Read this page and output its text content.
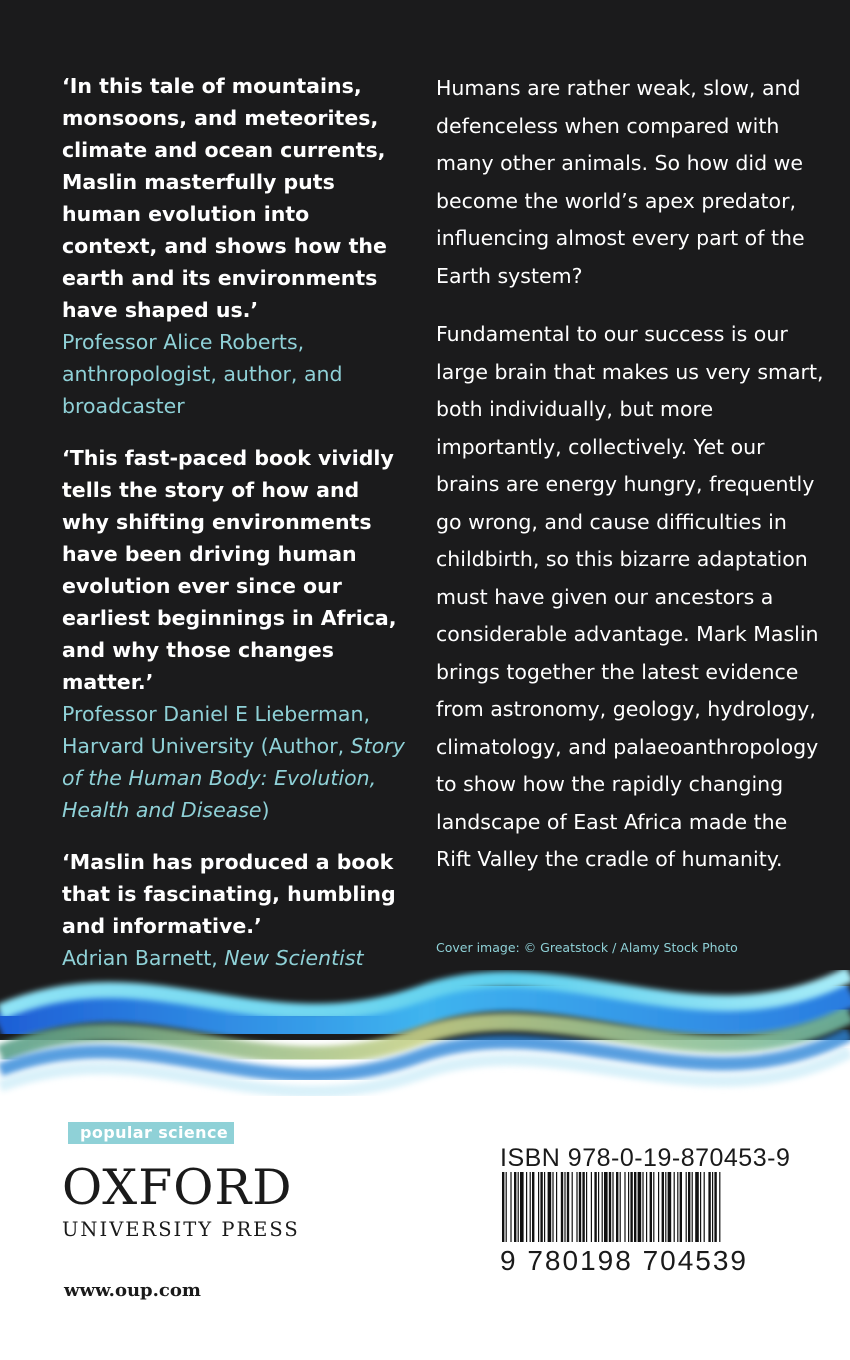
‘In this tale of mountains, monsoons, and meteorites, climate and ocean currents, Maslin masterfully puts human evolution into context, and shows how the earth and its environments have shaped us.’

Professor Alice Roberts, anthropologist, author, and broadcaster

‘This fast-paced book vividly tells the story of how and why shifting environments have been driving human evolution ever since our earliest beginnings in Africa, and why those changes matter.’

Professor Daniel E Lieberman, Harvard University (Author, Story of the Human Body: Evolution, Health and Disease)

‘Maslin has produced a book that is fascinating, humbling and informative.’

Adrian Barnett, New Scientist

Humans are rather weak, slow, and defenceless when compared with many other animals. So how did we become the world’s apex predator, influencing almost every part of the Earth system?

Fundamental to our success is our large brain that makes us very smart, both individually, but more importantly, collectively. Yet our brains are energy hungry, frequently go wrong, and cause difficulties in childbirth, so this bizarre adaptation must have given our ancestors a considerable advantage. Mark Maslin brings together the latest evidence from astronomy, geology, hydrology, climatology, and palaeoanthropology to show how the rapidly changing landscape of East Africa made the Rift Valley the cradle of humanity.

Cover image: © Greatstock / Alamy Stock Photo
popular science
OXFORD
UNIVERSITY PRESS
www.oup.com
ISBN 978-0-19-870453-9
9 780198 704539
